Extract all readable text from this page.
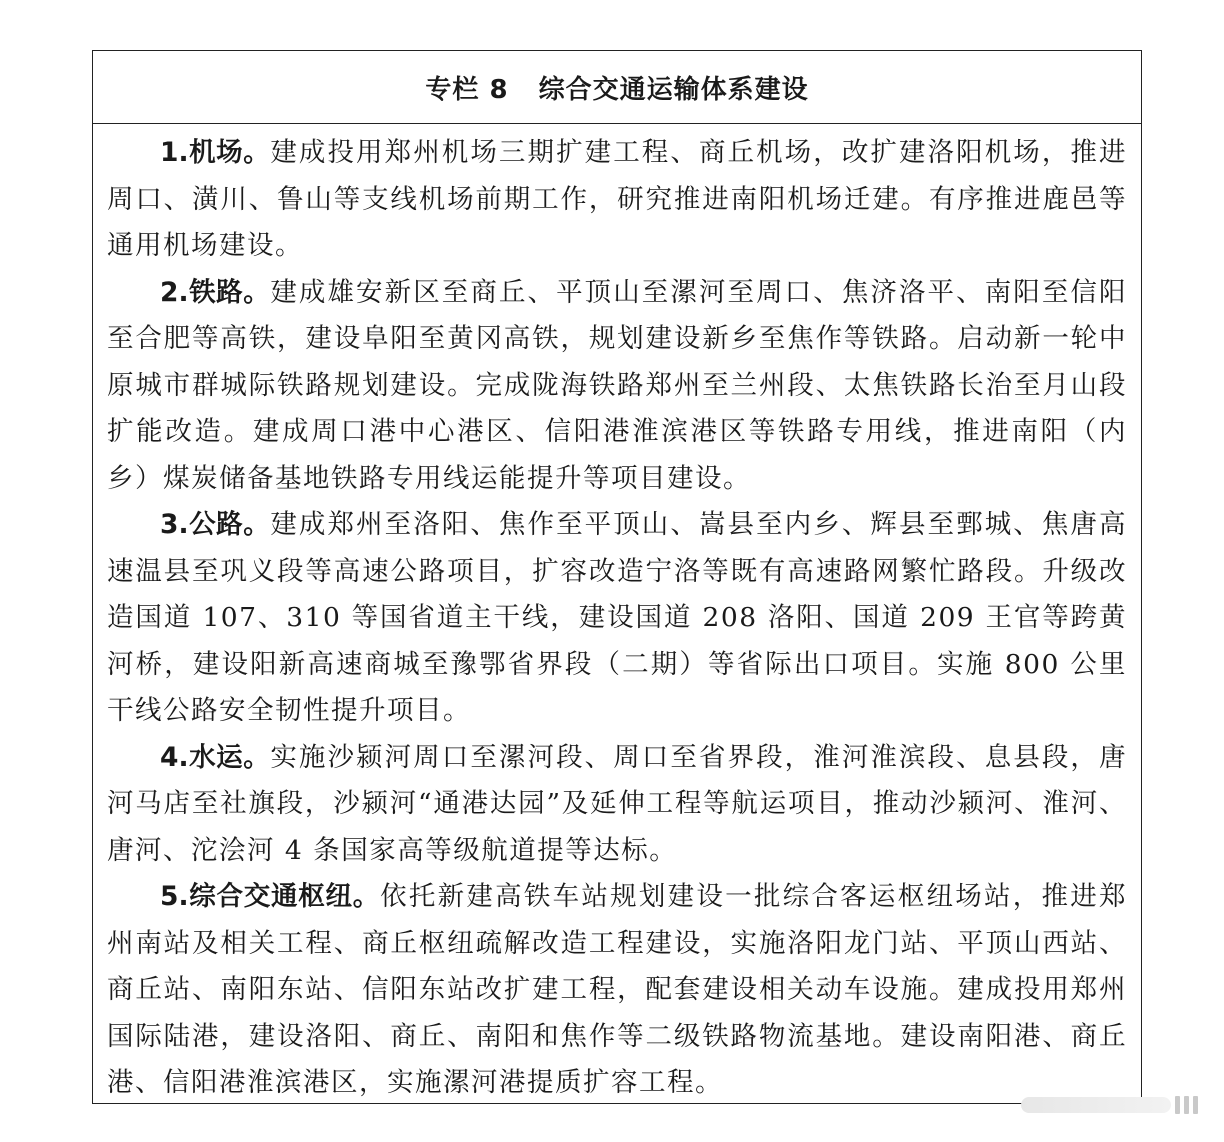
专栏 8 综合交通运输体系建设

1.机场。建成投用郑州机场三期扩建工程、商丘机场，改扩建洛阳机场，推进周口、潢川、鲁山等支线机场前期工作，研究推进南阳机场迁建。有序推进鹿邑等通用机场建设。

2.铁路。建成雄安新区至商丘、平顶山至漯河至周口、焦济洛平、南阳至信阳至合肥等高铁，建设阜阳至黄冈高铁，规划建设新乡至焦作等铁路。启动新一轮中原城市群城际铁路规划建设。完成陇海铁路郑州至兰州段、太焦铁路长治至月山段扩能改造。建成周口港中心港区、信阳港淮滨港区等铁路专用线，推进南阳（内乡）煤炭储备基地铁路专用线运能提升等项目建设。

3.公路。建成郑州至洛阳、焦作至平顶山、嵩县至内乡、辉县至鄄城、焦唐高速温县至巩义段等高速公路项目，扩容改造宁洛等既有高速路网繁忙路段。升级改造国道 107、310 等国省道主干线，建设国道 208 洛阳、国道 209 王官等跨黄河桥，建设阳新高速商城至豫鄂省界段（二期）等省际出口项目。实施 800 公里干线公路安全韧性提升项目。

4.水运。实施沙颍河周口至漯河段、周口至省界段，淮河淮滨段、息县段，唐河马店至社旗段，沙颍河“通港达园”及延伸工程等航运项目，推动沙颍河、淮河、唐河、沱浍河 4 条国家高等级航道提等达标。

5.综合交通枢纽。依托新建高铁车站规划建设一批综合客运枢纽场站，推进郑州南站及相关工程、商丘枢纽疏解改造工程建设，实施洛阳龙门站、平顶山西站、商丘站、南阳东站、信阳东站改扩建工程，配套建设相关动车设施。建成投用郑州国际陆港，建设洛阳、商丘、南阳和焦作等二级铁路物流基地。建设南阳港、商丘港、信阳港淮滨港区，实施漯河港提质扩容工程。
